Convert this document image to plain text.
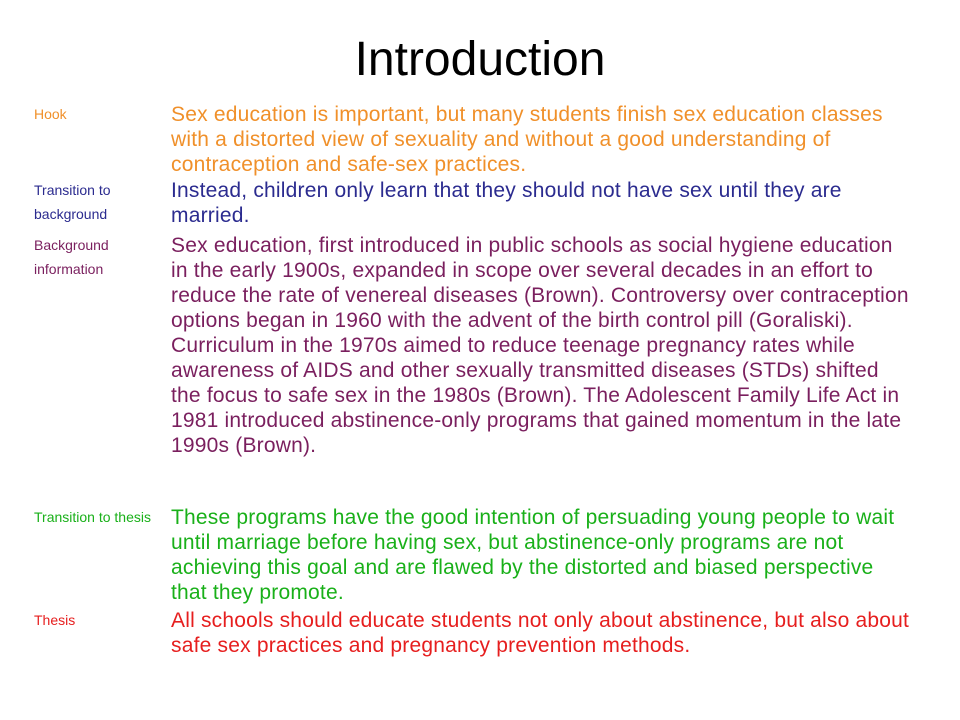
Introduction
Hook	Sex education is important, but many students finish sex education classes with a distorted view of sexuality and without a good understanding of contraception and safe-sex practices.
Transition to background
Instead, children only learn that they should not have sex until they are married.
Background information
Sex education, first introduced in public schools as social hygiene education in the early 1900s, expanded in scope over several decades in an effort to reduce the rate of venereal diseases (Brown). Controversy over contraception options began in 1960 with the advent of the birth control pill (Goraliski). Curriculum in the 1970s aimed to reduce teenage pregnancy rates while awareness of AIDS and other sexually transmitted diseases (STDs) shifted the focus to safe sex in the 1980s (Brown). The Adolescent Family Life Act in 1981 introduced abstinence-only programs that gained momentum in the late 1990s (Brown).
Transition to thesis These programs have the good intention of persuading young people to wait until marriage before having sex, but abstinence-only programs are not achieving this goal and are flawed by the distorted and biased perspective that they promote.
Thesis	All schools should educate students not only about abstinence, but also about safe sex practices and pregnancy prevention methods.
